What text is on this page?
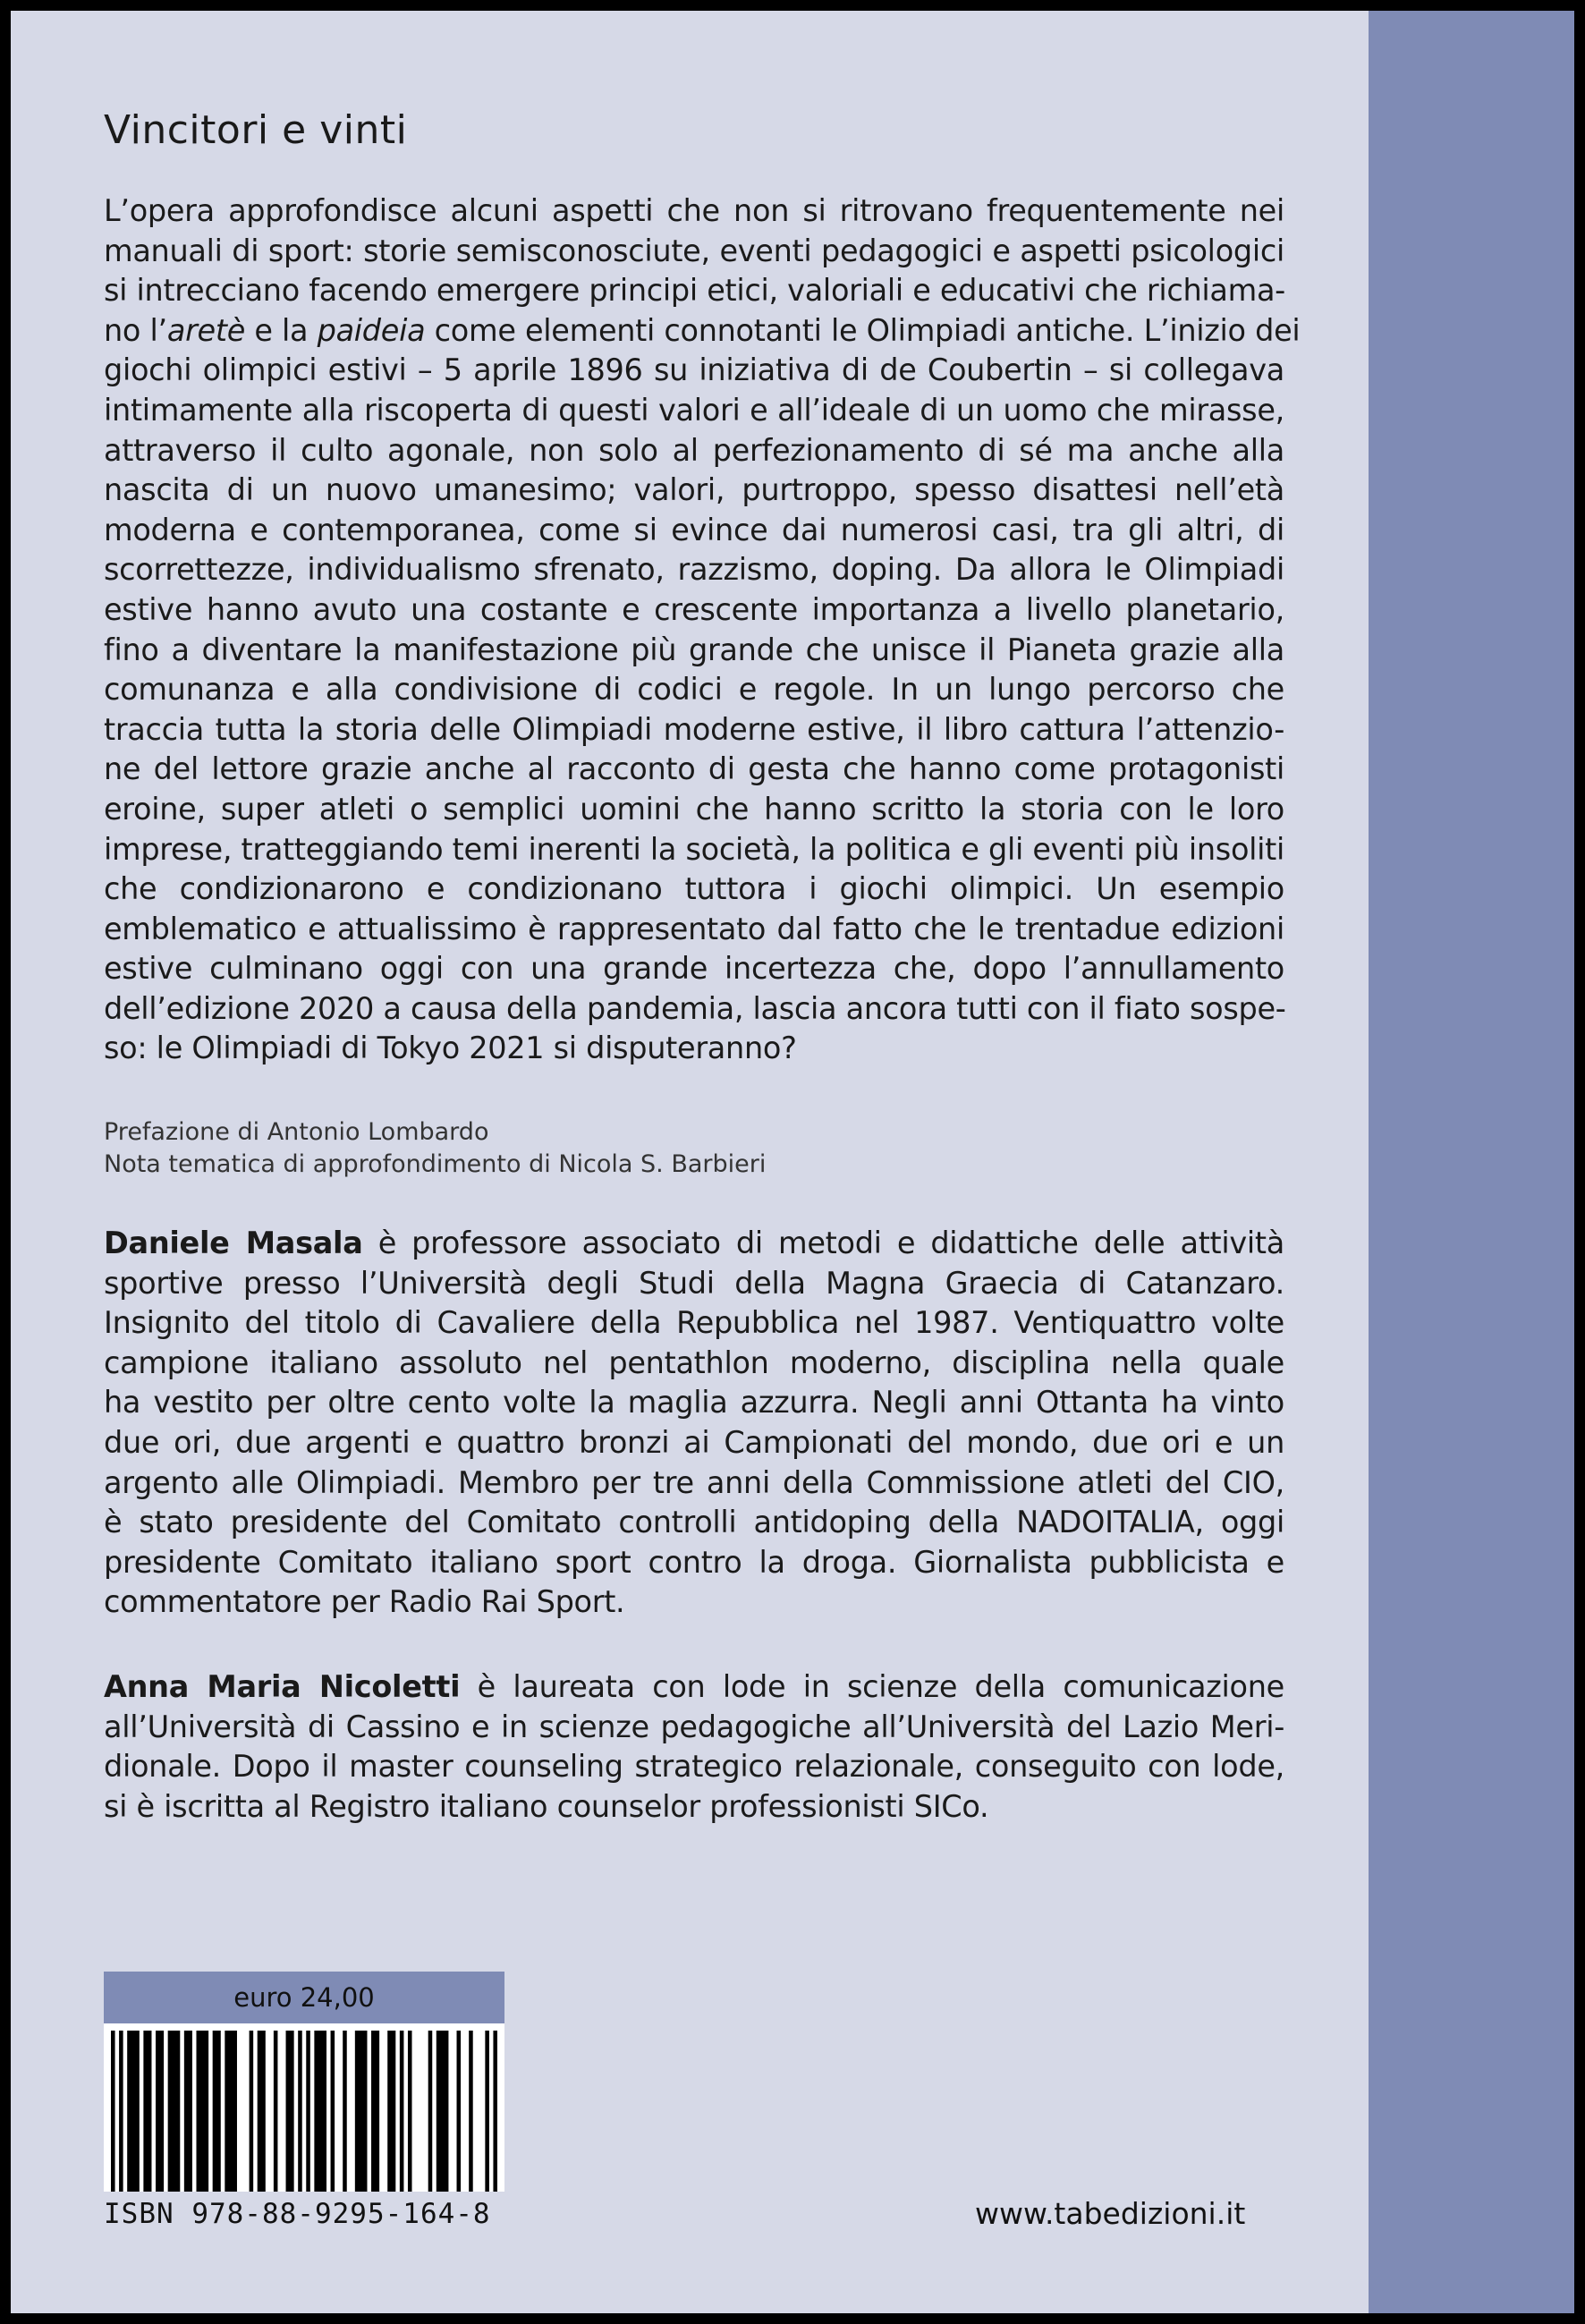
Vincitori e vinti
L’opera approfondisce alcuni aspetti che non si ritrovano frequentemente nei
manuali di sport: storie semisconosciute, eventi pedagogici e aspetti psicologici
si intrecciano facendo emergere principi etici, valoriali e educativi che richiama-
no l’aretè e la paideia come elementi connotanti le Olimpiadi antiche. L’inizio dei
giochi olimpici estivi – 5 aprile 1896 su iniziativa di de Coubertin – si collegava
intimamente alla riscoperta di questi valori e all’ideale di un uomo che mirasse,
attraverso il culto agonale, non solo al perfezionamento di sé ma anche alla
nascita di un nuovo umanesimo; valori, purtroppo, spesso disattesi nell’età
moderna e contemporanea, come si evince dai numerosi casi, tra gli altri, di
scorrettezze, individualismo sfrenato, razzismo, doping. Da allora le Olimpiadi
estive hanno avuto una costante e crescente importanza a livello planetario,
fino a diventare la manifestazione più grande che unisce il Pianeta grazie alla
comunanza e alla condivisione di codici e regole. In un lungo percorso che
traccia tutta la storia delle Olimpiadi moderne estive, il libro cattura l’attenzio-
ne del lettore grazie anche al racconto di gesta che hanno come protagonisti
eroine, super atleti o semplici uomini che hanno scritto la storia con le loro
imprese, tratteggiando temi inerenti la società, la politica e gli eventi più insoliti
che condizionarono e condizionano tuttora i giochi olimpici. Un esempio
emblematico e attualissimo è rappresentato dal fatto che le trentadue edizioni
estive culminano oggi con una grande incertezza che, dopo l’annullamento
dell’edizione 2020 a causa della pandemia, lascia ancora tutti con il fiato sospe-
so: le Olimpiadi di Tokyo 2021 si disputeranno?
Prefazione di Antonio Lombardo
Nota tematica di approfondimento di Nicola S. Barbieri
Daniele Masala è professore associato di metodi e didattiche delle attività
sportive presso l’Università degli Studi della Magna Graecia di Catanzaro.
Insignito del titolo di Cavaliere della Repubblica nel 1987. Ventiquattro volte
campione italiano assoluto nel pentathlon moderno, disciplina nella quale
ha vestito per oltre cento volte la maglia azzurra. Negli anni Ottanta ha vinto
due ori, due argenti e quattro bronzi ai Campionati del mondo, due ori e un
argento alle Olimpiadi. Membro per tre anni della Commissione atleti del CIO,
è stato presidente del Comitato controlli antidoping della NADOITALIA, oggi
presidente Comitato italiano sport contro la droga. Giornalista pubblicista e
commentatore per Radio Rai Sport.
Anna Maria Nicoletti è laureata con lode in scienze della comunicazione
all’Università di Cassino e in scienze pedagogiche all’Università del Lazio Meri-
dionale. Dopo il master counseling strategico relazionale, conseguito con lode,
si è iscritta al Registro italiano counselor professionisti SICo.
euro 24,00
ISBN 978-88-9295-164-8	www.tabedizioni.it
